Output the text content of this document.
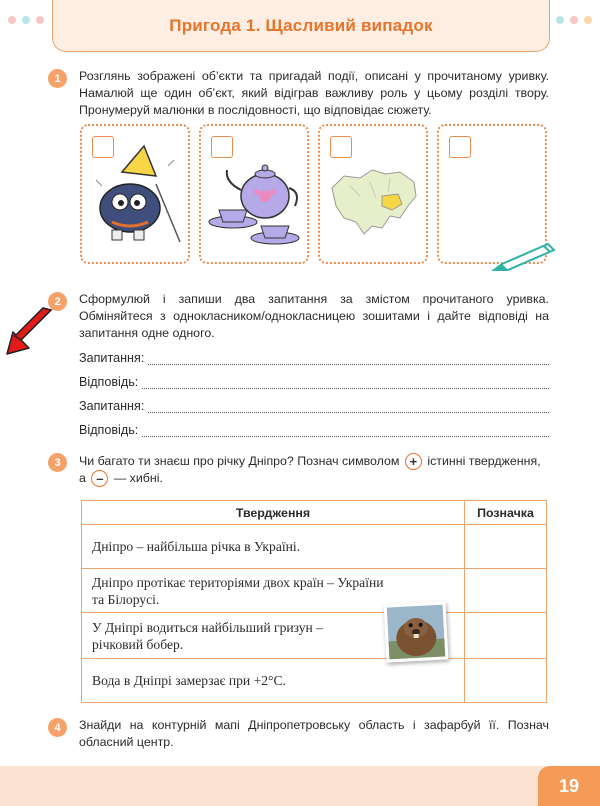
Пригода 1. Щасливий випадок
1	Розглянь зображені об’єкти та пригадай події, описані у прочитаному уривку. Намалюй ще один об’єкт, який відіграв важливу роль у цьому розділі твору. Пронумеруй малюнки в послідовності, що відповідає сюжету.
2	Сформулюй і запиши два запитання за змістом прочитаного уривка. Обміняйтеся з однокласником/однокласницею зошитами і дайте відповіді на запитання одне одного.
Запитання:
Відповідь:
Запитання:
Відповідь:
3	Чи багато ти знаєш про річку Дніпро? Познач символом + істинні твердження,
а – — хибні.
Твердження	Позначка
Дніпро – найбільша річка в Україні.	
Дніпро протікає територіями двох країн – України та Білорусі.	
У Дніпрі водиться найбільший гризун – річковий бобер.	
Вода в Дніпрі замерзає при +2°С.	
4	Знайди на контурній мапі Дніпропетровську область і зафарбуй її. Познач обласний центр.
19
